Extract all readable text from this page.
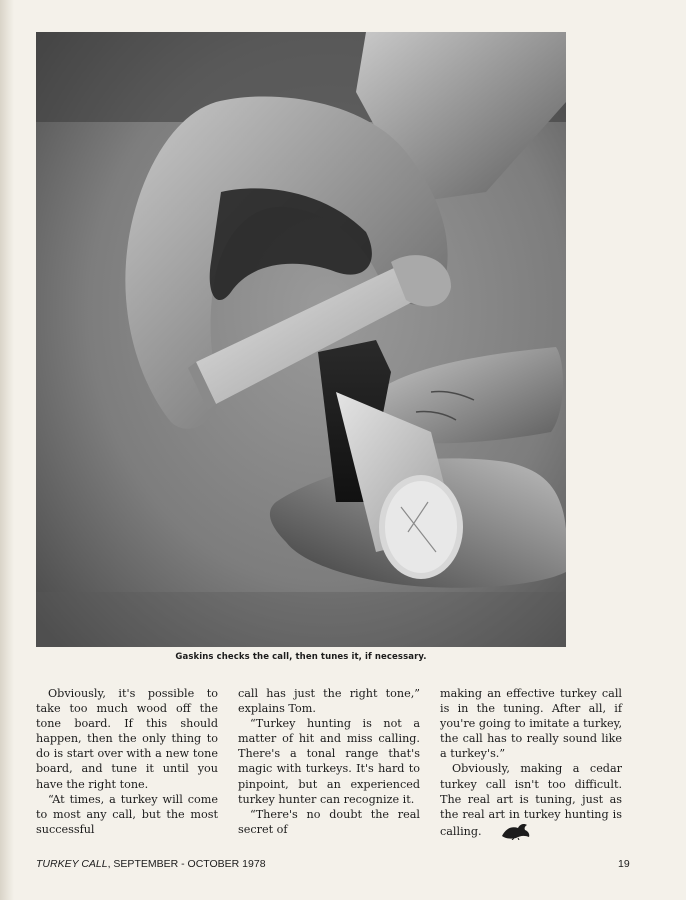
Gaskins checks the call, then tunes it, if necessary.

Obviously, it's possible to take too much wood off the tone board. If this should happen, then the only thing to do is start over with a new tone board, and tune it until you have the right tone.

“At times, a turkey will come to most any call, but the most successful

call has just the right tone,” explains Tom.

“Turkey hunting is not a matter of hit and miss calling. There's a tonal range that's magic with turkeys. It's hard to pinpoint, but an experienced turkey hunter can recognize it.

“There's no doubt the real secret of

making an effective turkey call is in the tuning. After all, if you're going to imitate a turkey, the call has to really sound like a turkey's.”

Obviously, making a cedar turkey call isn't too difficult. The real art is tuning, just as the real art in turkey hunting is calling.

TURKEY CALL, SEPTEMBER - OCTOBER 1978	19
